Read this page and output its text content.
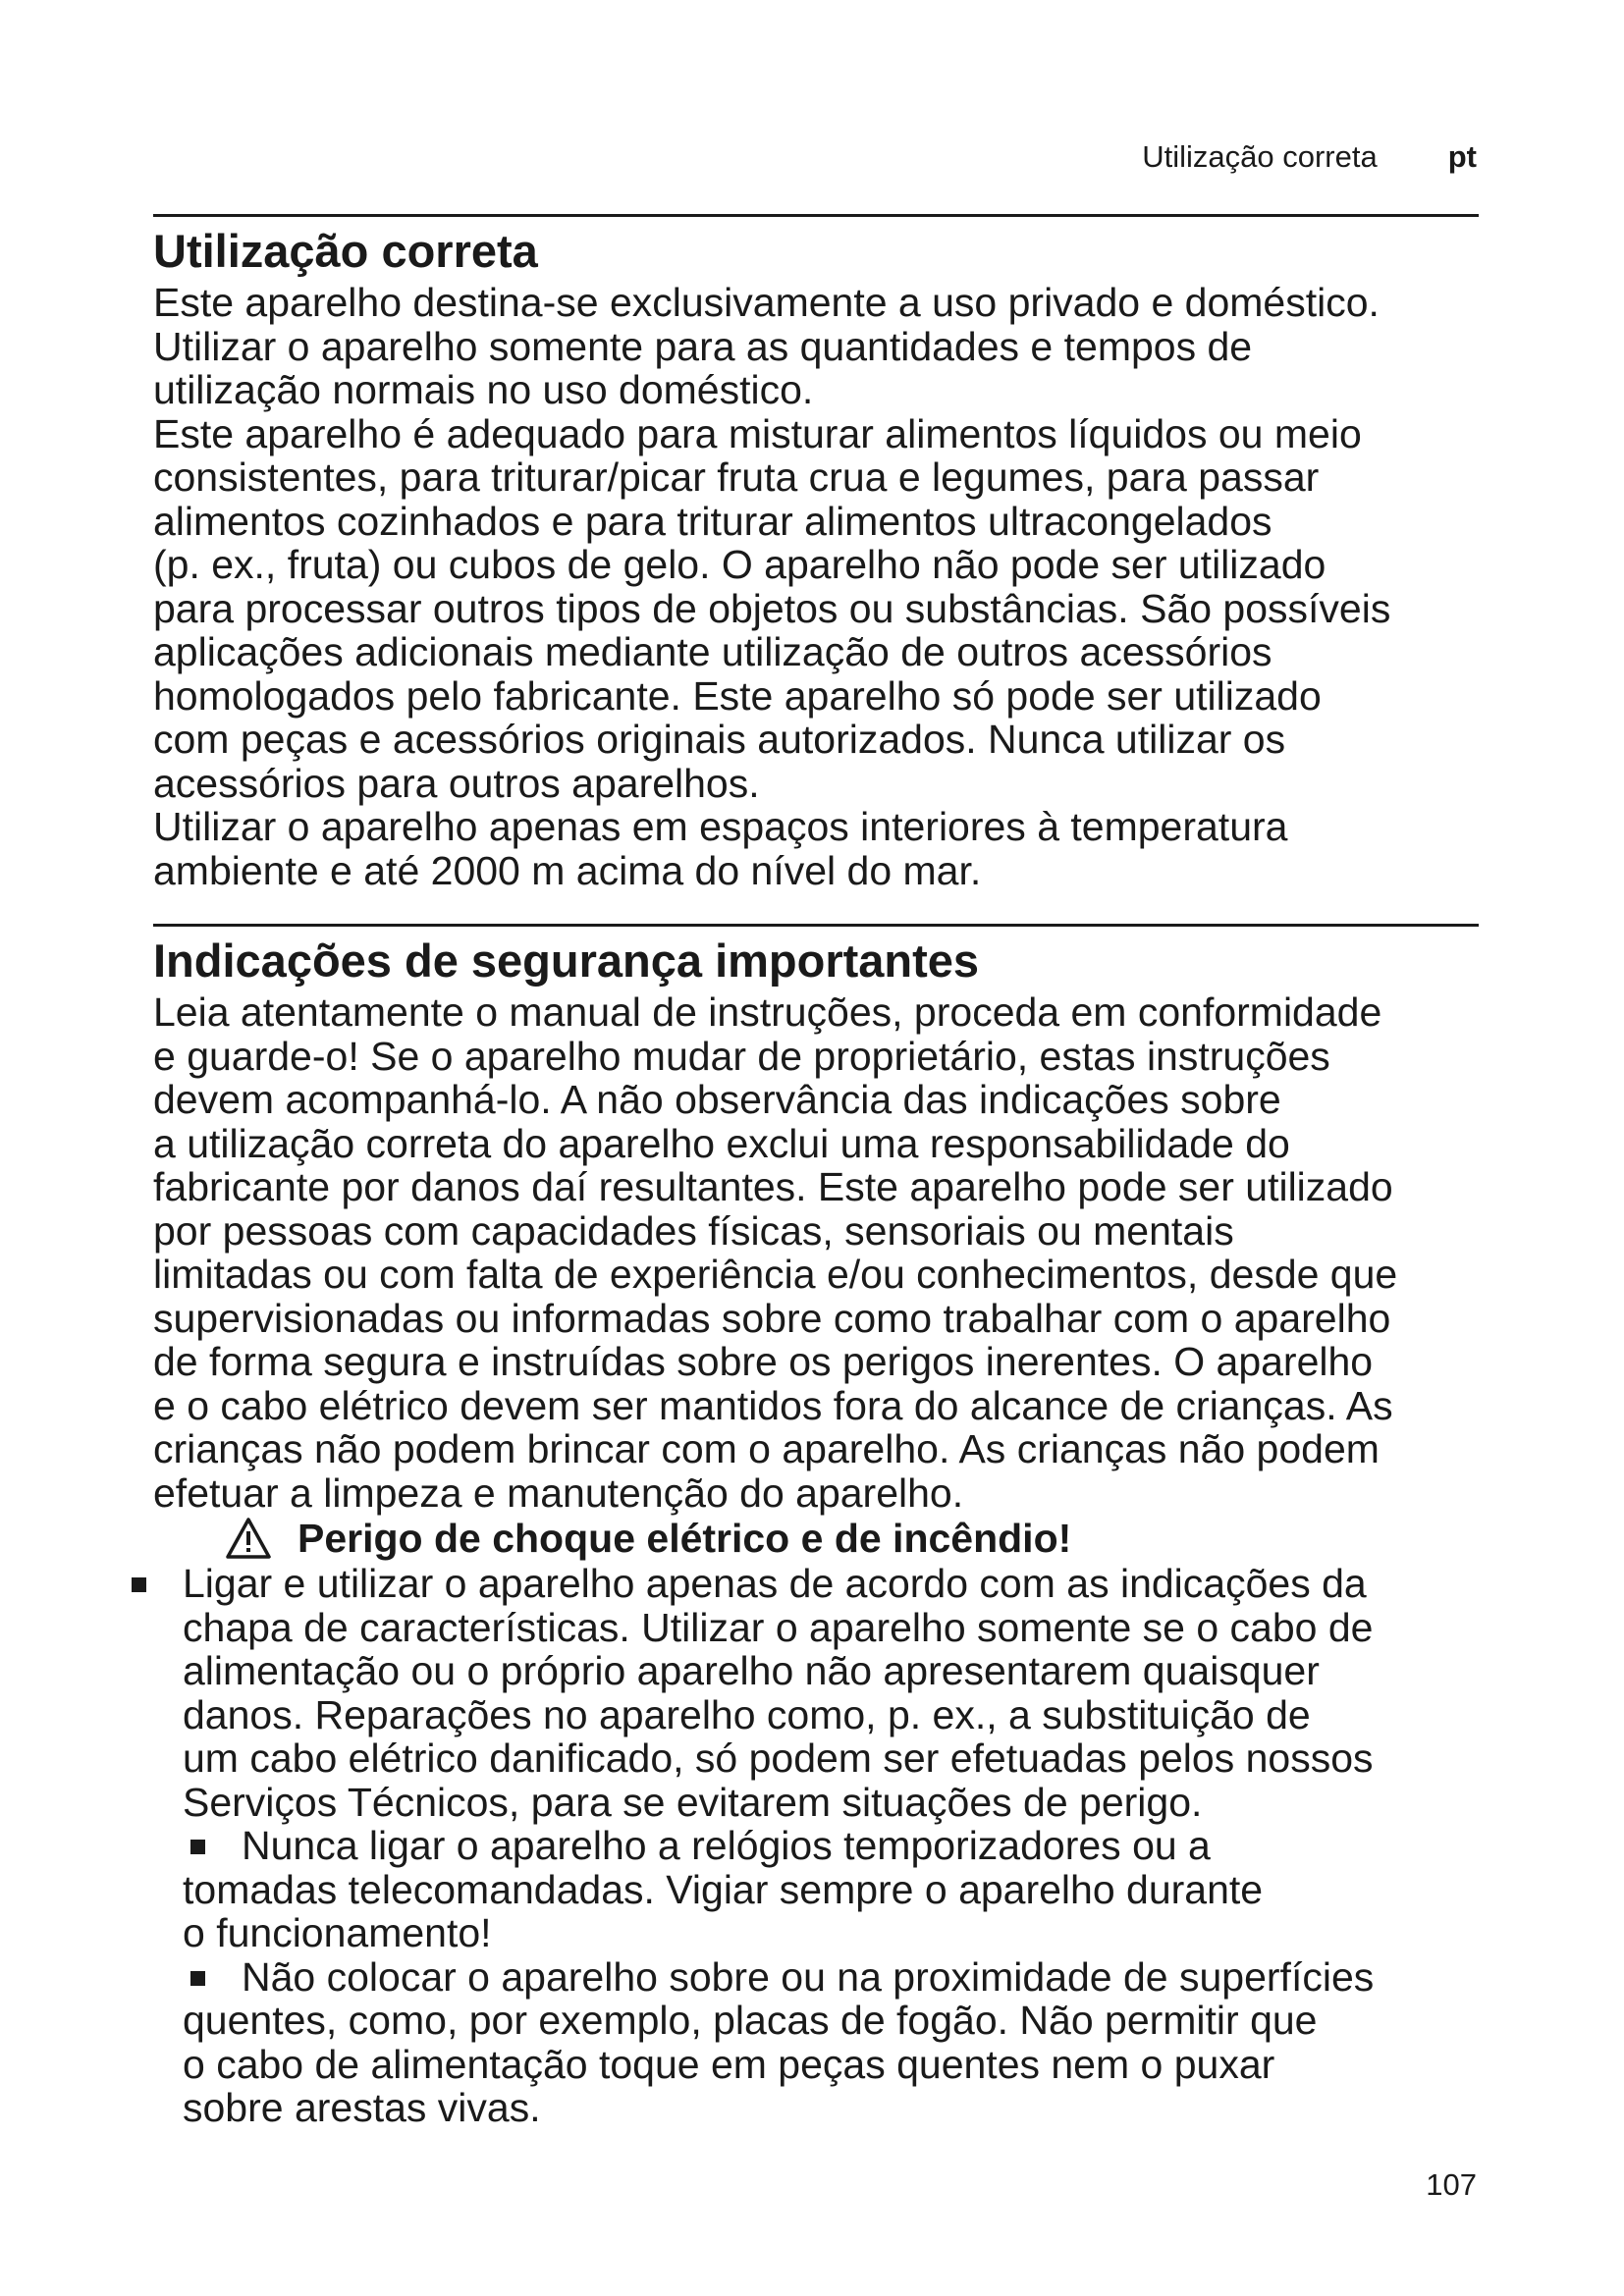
Utilização correta pt
Utilização correta

Este aparelho destina-se exclusivamente a uso privado e doméstico.

Utilizar o aparelho somente para as quantidades e tempos de

utilização normais no uso doméstico.

Este aparelho é adequado para misturar alimentos líquidos ou meio

consistentes, para triturar/picar fruta crua e legumes, para passar

alimentos cozinhados e para triturar alimentos ultracongelados

(p. ex., fruta) ou cubos de gelo. O aparelho não pode ser utilizado

para processar outros tipos de objetos ou substâncias. São possíveis

aplicações adicionais mediante utilização de outros acessórios

homologados pelo fabricante. Este aparelho só pode ser utilizado

com peças e acessórios originais autorizados. Nunca utilizar os

acessórios para outros aparelhos.

Utilizar o aparelho apenas em espaços interiores à temperatura

ambiente e até 2000 m acima do nível do mar.

Indicações de segurança importantes

Leia atentamente o manual de instruções, proceda em conformidade

e guarde-o! Se o aparelho mudar de proprietário, estas instruções

devem acompanhá-lo. A não observância das indicações sobre

a utilização correta do aparelho exclui uma responsabilidade do

fabricante por danos daí resultantes. Este aparelho pode ser utilizado

por pessoas com capacidades físicas, sensoriais ou mentais

limitadas ou com falta de experiência e/ou conhecimentos, desde que

supervisionadas ou informadas sobre como trabalhar com o aparelho

de forma segura e instruídas sobre os perigos inerentes. O aparelho

e o cabo elétrico devem ser mantidos fora do alcance de crianças. As

crianças não podem brincar com o aparelho. As crianças não podem

efetuar a limpeza e manutenção do aparelho.

Perigo de choque elétrico e de incêndio!
Ligar e utilizar o aparelho apenas de acordo com as indicações da
chapa de características. Utilizar o aparelho somente se o cabo de
alimentação ou o próprio aparelho não apresentarem quaisquer
danos. Reparações no aparelho como, p. ex., a substituição de
um cabo elétrico danificado, só podem ser efetuadas pelos nossos
Serviços Técnicos, para se evitarem situações de perigo.
Nunca ligar o aparelho a relógios temporizadores ou a
tomadas telecomandadas. Vigiar sempre o aparelho durante
o funcionamento!
Não colocar o aparelho sobre ou na proximidade de superfícies
quentes, como, por exemplo, placas de fogão. Não permitir que
o cabo de alimentação toque em peças quentes nem o puxar
sobre arestas vivas.
107
